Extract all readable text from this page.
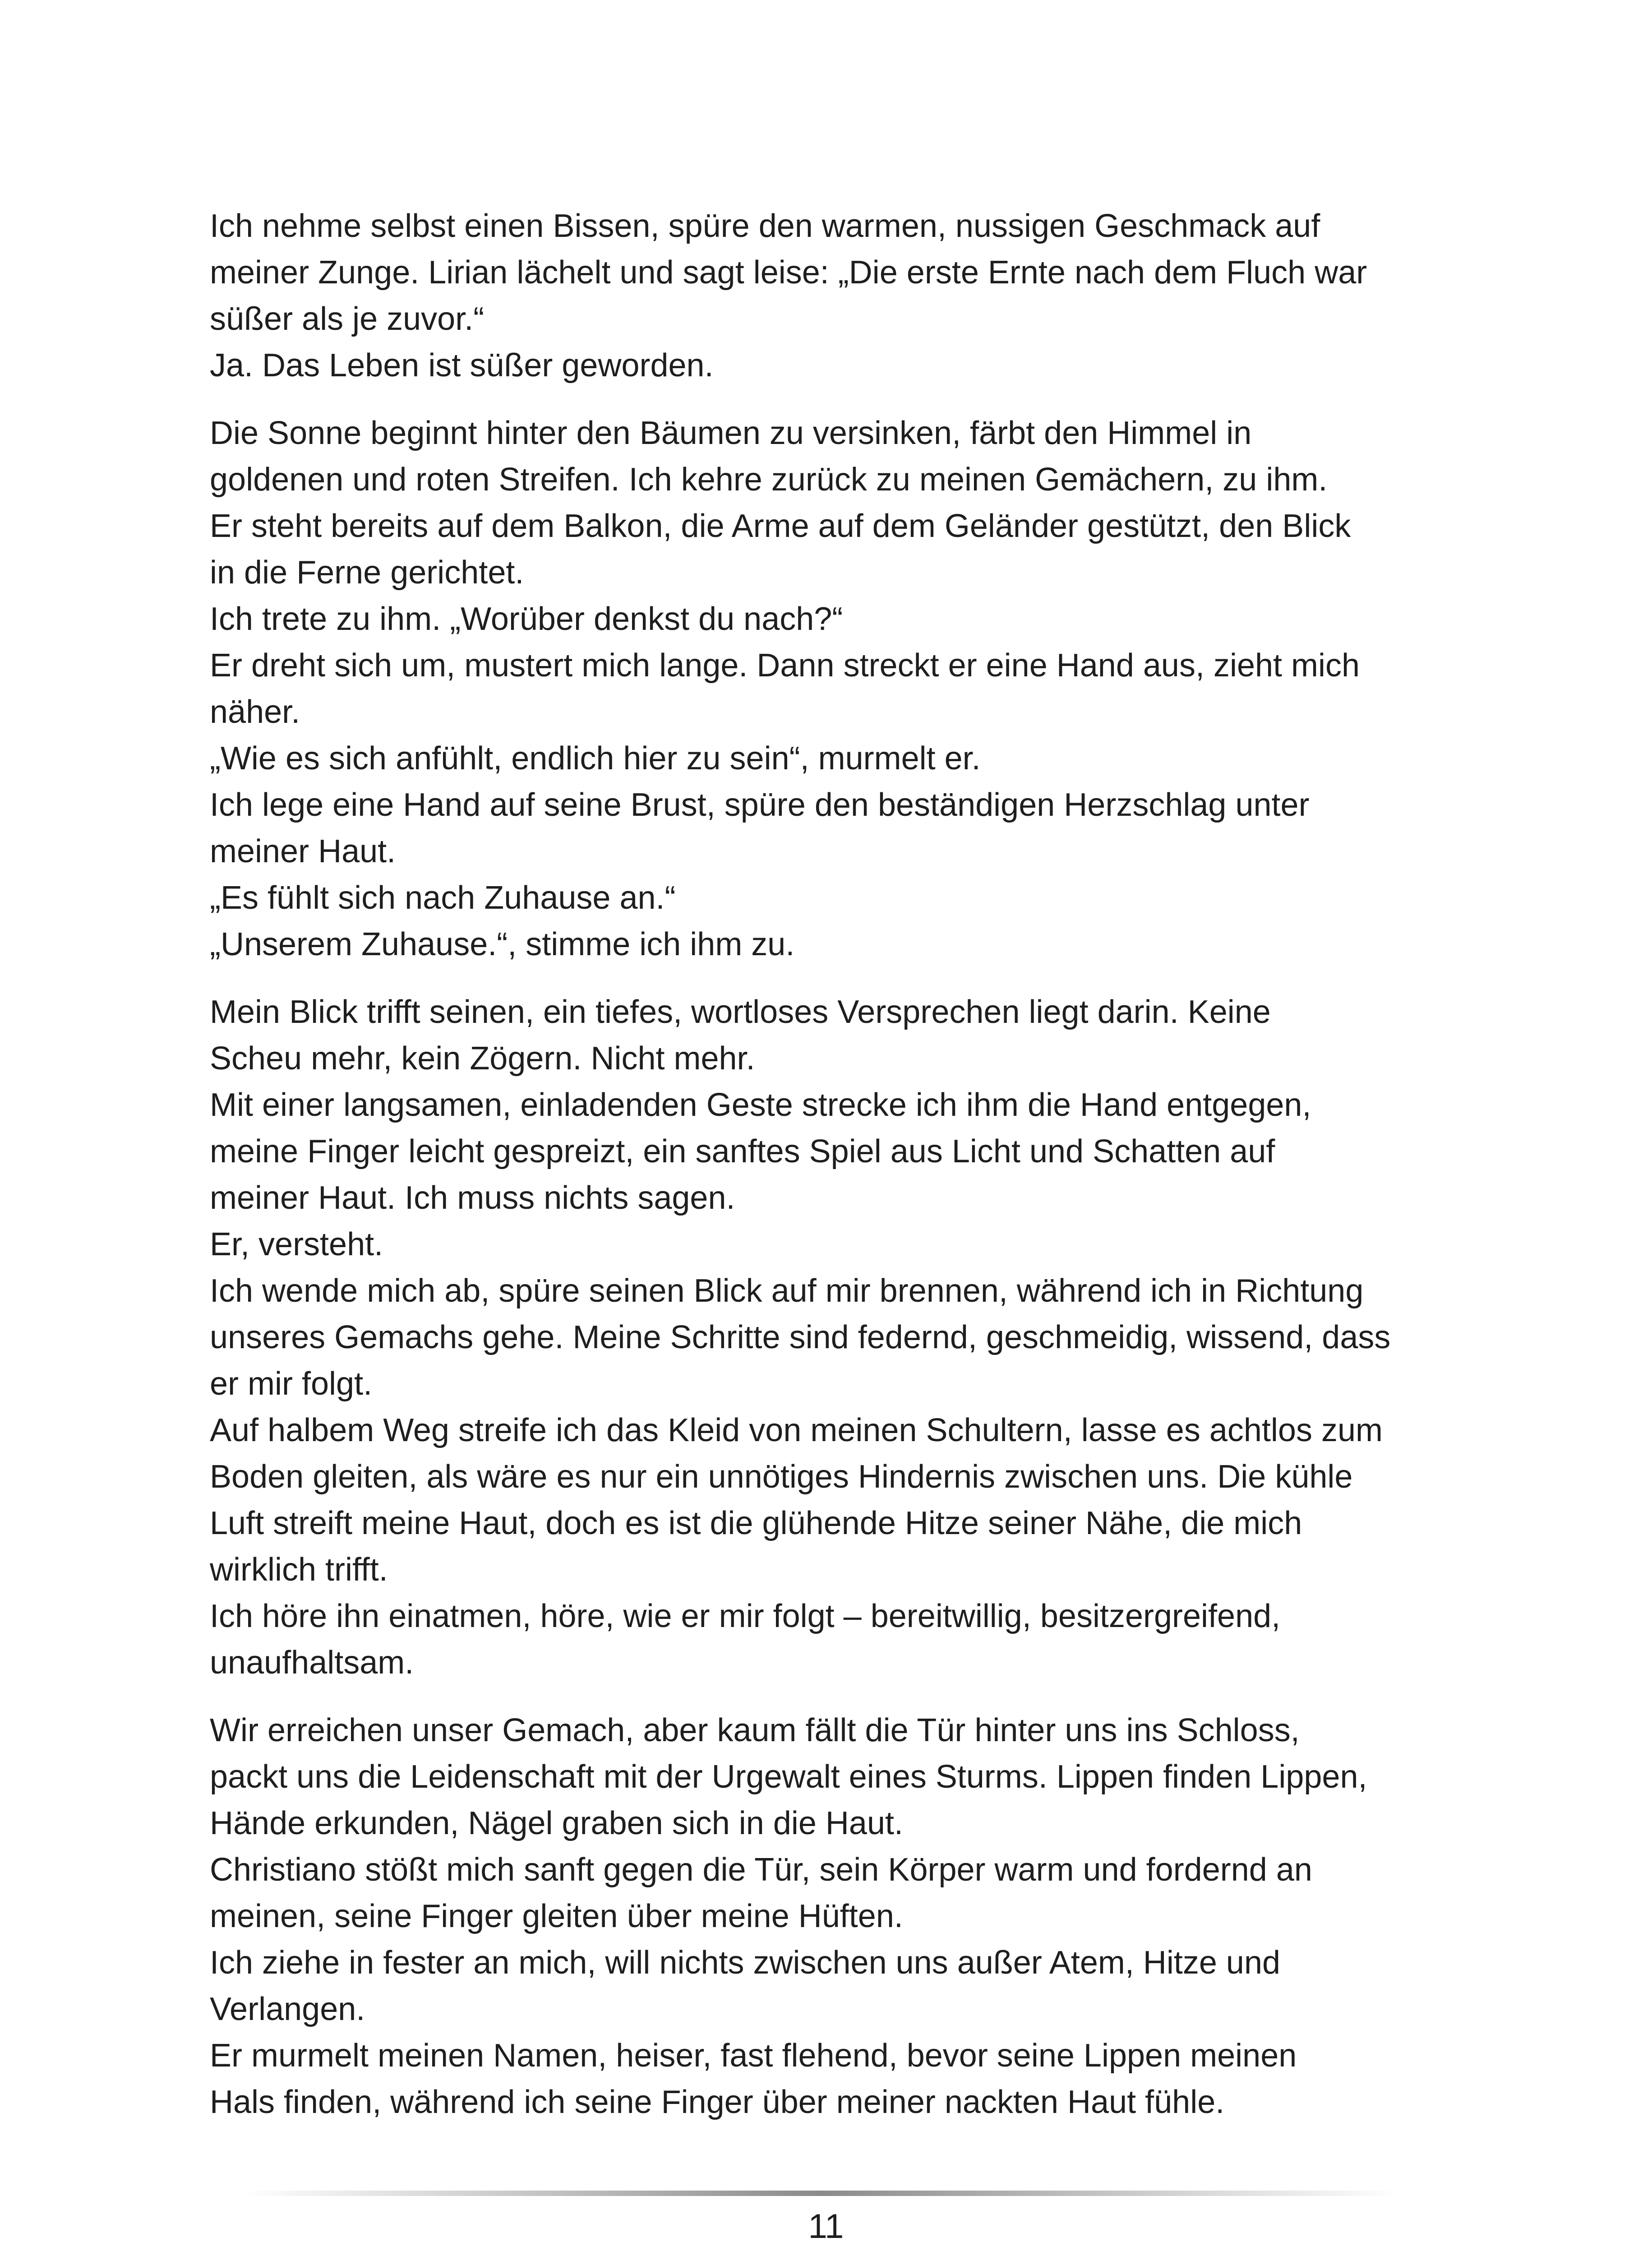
Ich nehme selbst einen Bissen, spüre den warmen, nussigen Geschmack auf
meiner Zunge. Lirian lächelt und sagt leise: „Die erste Ernte nach dem Fluch war
süßer als je zuvor.“
Ja. Das Leben ist süßer geworden.
Die Sonne beginnt hinter den Bäumen zu versinken, färbt den Himmel in
goldenen und roten Streifen. Ich kehre zurück zu meinen Gemächern, zu ihm.
Er steht bereits auf dem Balkon, die Arme auf dem Geländer gestützt, den Blick
in die Ferne gerichtet.
Ich trete zu ihm. „Worüber denkst du nach?“
Er dreht sich um, mustert mich lange. Dann streckt er eine Hand aus, zieht mich
näher.
„Wie es sich anfühlt, endlich hier zu sein“, murmelt er.
Ich lege eine Hand auf seine Brust, spüre den beständigen Herzschlag unter
meiner Haut.
„Es fühlt sich nach Zuhause an.“
„Unserem Zuhause.“, stimme ich ihm zu.
Mein Blick trifft seinen, ein tiefes, wortloses Versprechen liegt darin. Keine
Scheu mehr, kein Zögern. Nicht mehr.
Mit einer langsamen, einladenden Geste strecke ich ihm die Hand entgegen,
meine Finger leicht gespreizt, ein sanftes Spiel aus Licht und Schatten auf
meiner Haut. Ich muss nichts sagen.
Er, versteht.
Ich wende mich ab, spüre seinen Blick auf mir brennen, während ich in Richtung
unseres Gemachs gehe. Meine Schritte sind federnd, geschmeidig, wissend, dass
er mir folgt.
Auf halbem Weg streife ich das Kleid von meinen Schultern, lasse es achtlos zum
Boden gleiten, als wäre es nur ein unnötiges Hindernis zwischen uns. Die kühle
Luft streift meine Haut, doch es ist die glühende Hitze seiner Nähe, die mich
wirklich trifft.
Ich höre ihn einatmen, höre, wie er mir folgt – bereitwillig, besitzergreifend,
unaufhaltsam.
Wir erreichen unser Gemach, aber kaum fällt die Tür hinter uns ins Schloss,
packt uns die Leidenschaft mit der Urgewalt eines Sturms. Lippen finden Lippen,
Hände erkunden, Nägel graben sich in die Haut.
Christiano stößt mich sanft gegen die Tür, sein Körper warm und fordernd an
meinen, seine Finger gleiten über meine Hüften.
Ich ziehe in fester an mich, will nichts zwischen uns außer Atem, Hitze und
Verlangen.
Er murmelt meinen Namen, heiser, fast flehend, bevor seine Lippen meinen
Hals finden, während ich seine Finger über meiner nackten Haut fühle.
11
